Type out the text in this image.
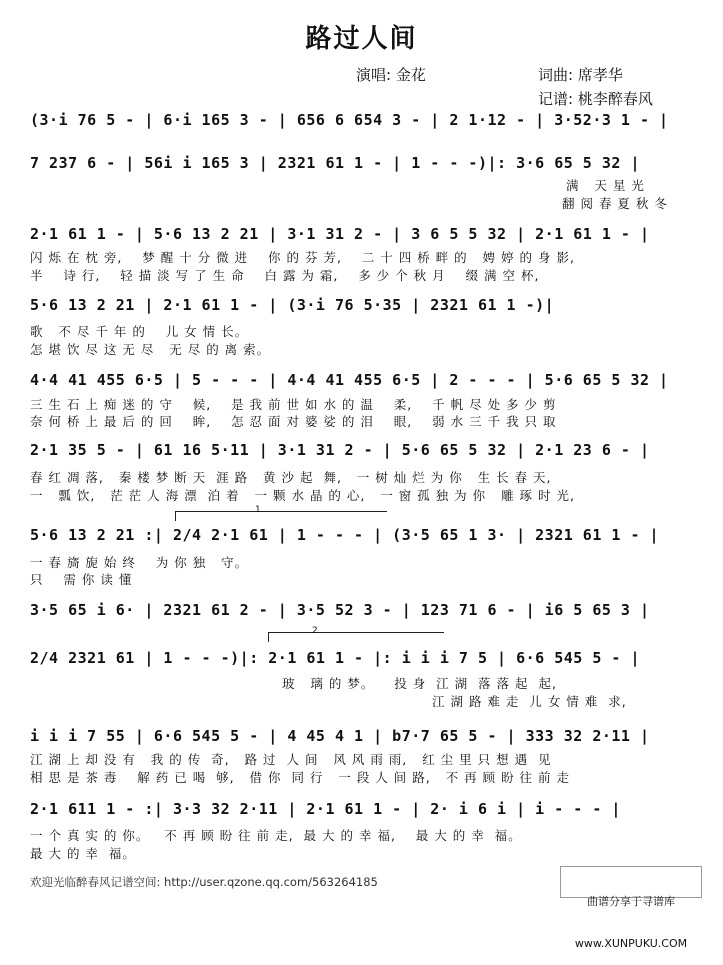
路过人间
演唱: 金花	词曲: 席孝华
记谱: 桃李醉春风
(3·i 76 5 - | 6·i 165 3 - | 656 6 654 3 - | 2 1·12 - | 3·52·3 1 - |
7 237 6 - | 56i i 165 3 | 2321 61 1 - | 1 - - -)|: 3·6 65 5 32 |
满   天 星 光
翻 阅 春 夏 秋 冬
2·1 61 1 - | 5·6 13 2 21 | 3·1 31 2 - | 3 6 5 5 32 | 2·1 61 1 - |
闪 烁 在 枕 旁,    梦 醒 十 分 微 进    你 的 芬 芳,    二 十 四 桥 畔 的   娉 婷 的 身 影,
半    诗 行,    轻 描 淡 写 了 生 命    白 露 为 霜,    多 少 个 秋 月    缀 满 空 杯,
5·6 13 2 21 | 2·1 61 1 - | (3·i 76 5·35 | 2321 61 1 -)|
歌   不 尽 千 年 的    儿 女 情 长。
怎 堪 饮 尽 这 无 尽   无 尽 的 离 索。
4·4 41 455 6·5 | 5 - - - | 4·4 41 455 6·5 | 2 - - - | 5·6 65 5 32 |
三 生 石 上 痴 迷 的 守    候,    是 我 前 世 如 水 的 温    柔,    千 帆 尽 处 多 少 剪
奈 何 桥 上 最 后 的 回    眸,    怎 忍 面 对 婆 娑 的 泪    眼,    弱 水 三 千 我 只 取
2·1 35 5 - | 61 16 5·11 | 3·1 31 2 - | 5·6 65 5 32 | 2·1 23 6 - |
春 红 凋 落,   秦 楼 梦 断 天  涯 路   黄 沙 起  舞,   一 树 灿 烂 为 你   生 长 春 天,
一   瓢 饮,   茫 茫 人 海 漂  泊 着   一 颗 水 晶 的 心,   一 窗 孤 独 为 你   雕 琢 时 光,
1
5·6 13 2 21 :| 2/4 2·1 61 | 1 - - - | (3·5 65 1 3· | 2321 61 1 - |
一 春 旖 旎 始 终    为 你 独   守。
只    需 你 读 懂
3·5 65 i 6· | 2321 61 2 - | 3·5 52 3 - | 123 71 6 - | i6 5 65 3 |
2
2/4 2321 61 | 1 - - -)|: 2·1 61 1 - |: i i i 7 5 | 6·6 545 5 - |
玻   璃 的 梦。    投 身  江 湖  落 落 起  起,
江 湖 路 难 走  儿 女 情 难  求,
i i i 7 55 | 6·6 545 5 - | 4 45 4 1 | b7·7 65 5 - | 333 32 2·11 |
江 湖 上 却 没 有   我 的 传  奇,   路 过  人 间   风 风 雨 雨,   红 尘 里 只 想 遇  见
相 思 是 茶 毒    解 药 已 喝  够,   借 你  同 行   一 段 人 间 路,   不 再 顾 盼 往 前 走
2·1 611 1 - :| 3·3 32 2·11 | 2·1 61 1 - | 2· i 6 i | i - - - |
一 个 真 实 的 你。   不 再 顾 盼 往 前 走,  最 大 的 幸 福,    最 大 的 幸  福。
最 大 的 幸  福。
欢迎光临醉春风记谱空间: http://user.qzone.qq.com/563264185

曲谱分享于寻谱库

www.XUNPUKU.COM
